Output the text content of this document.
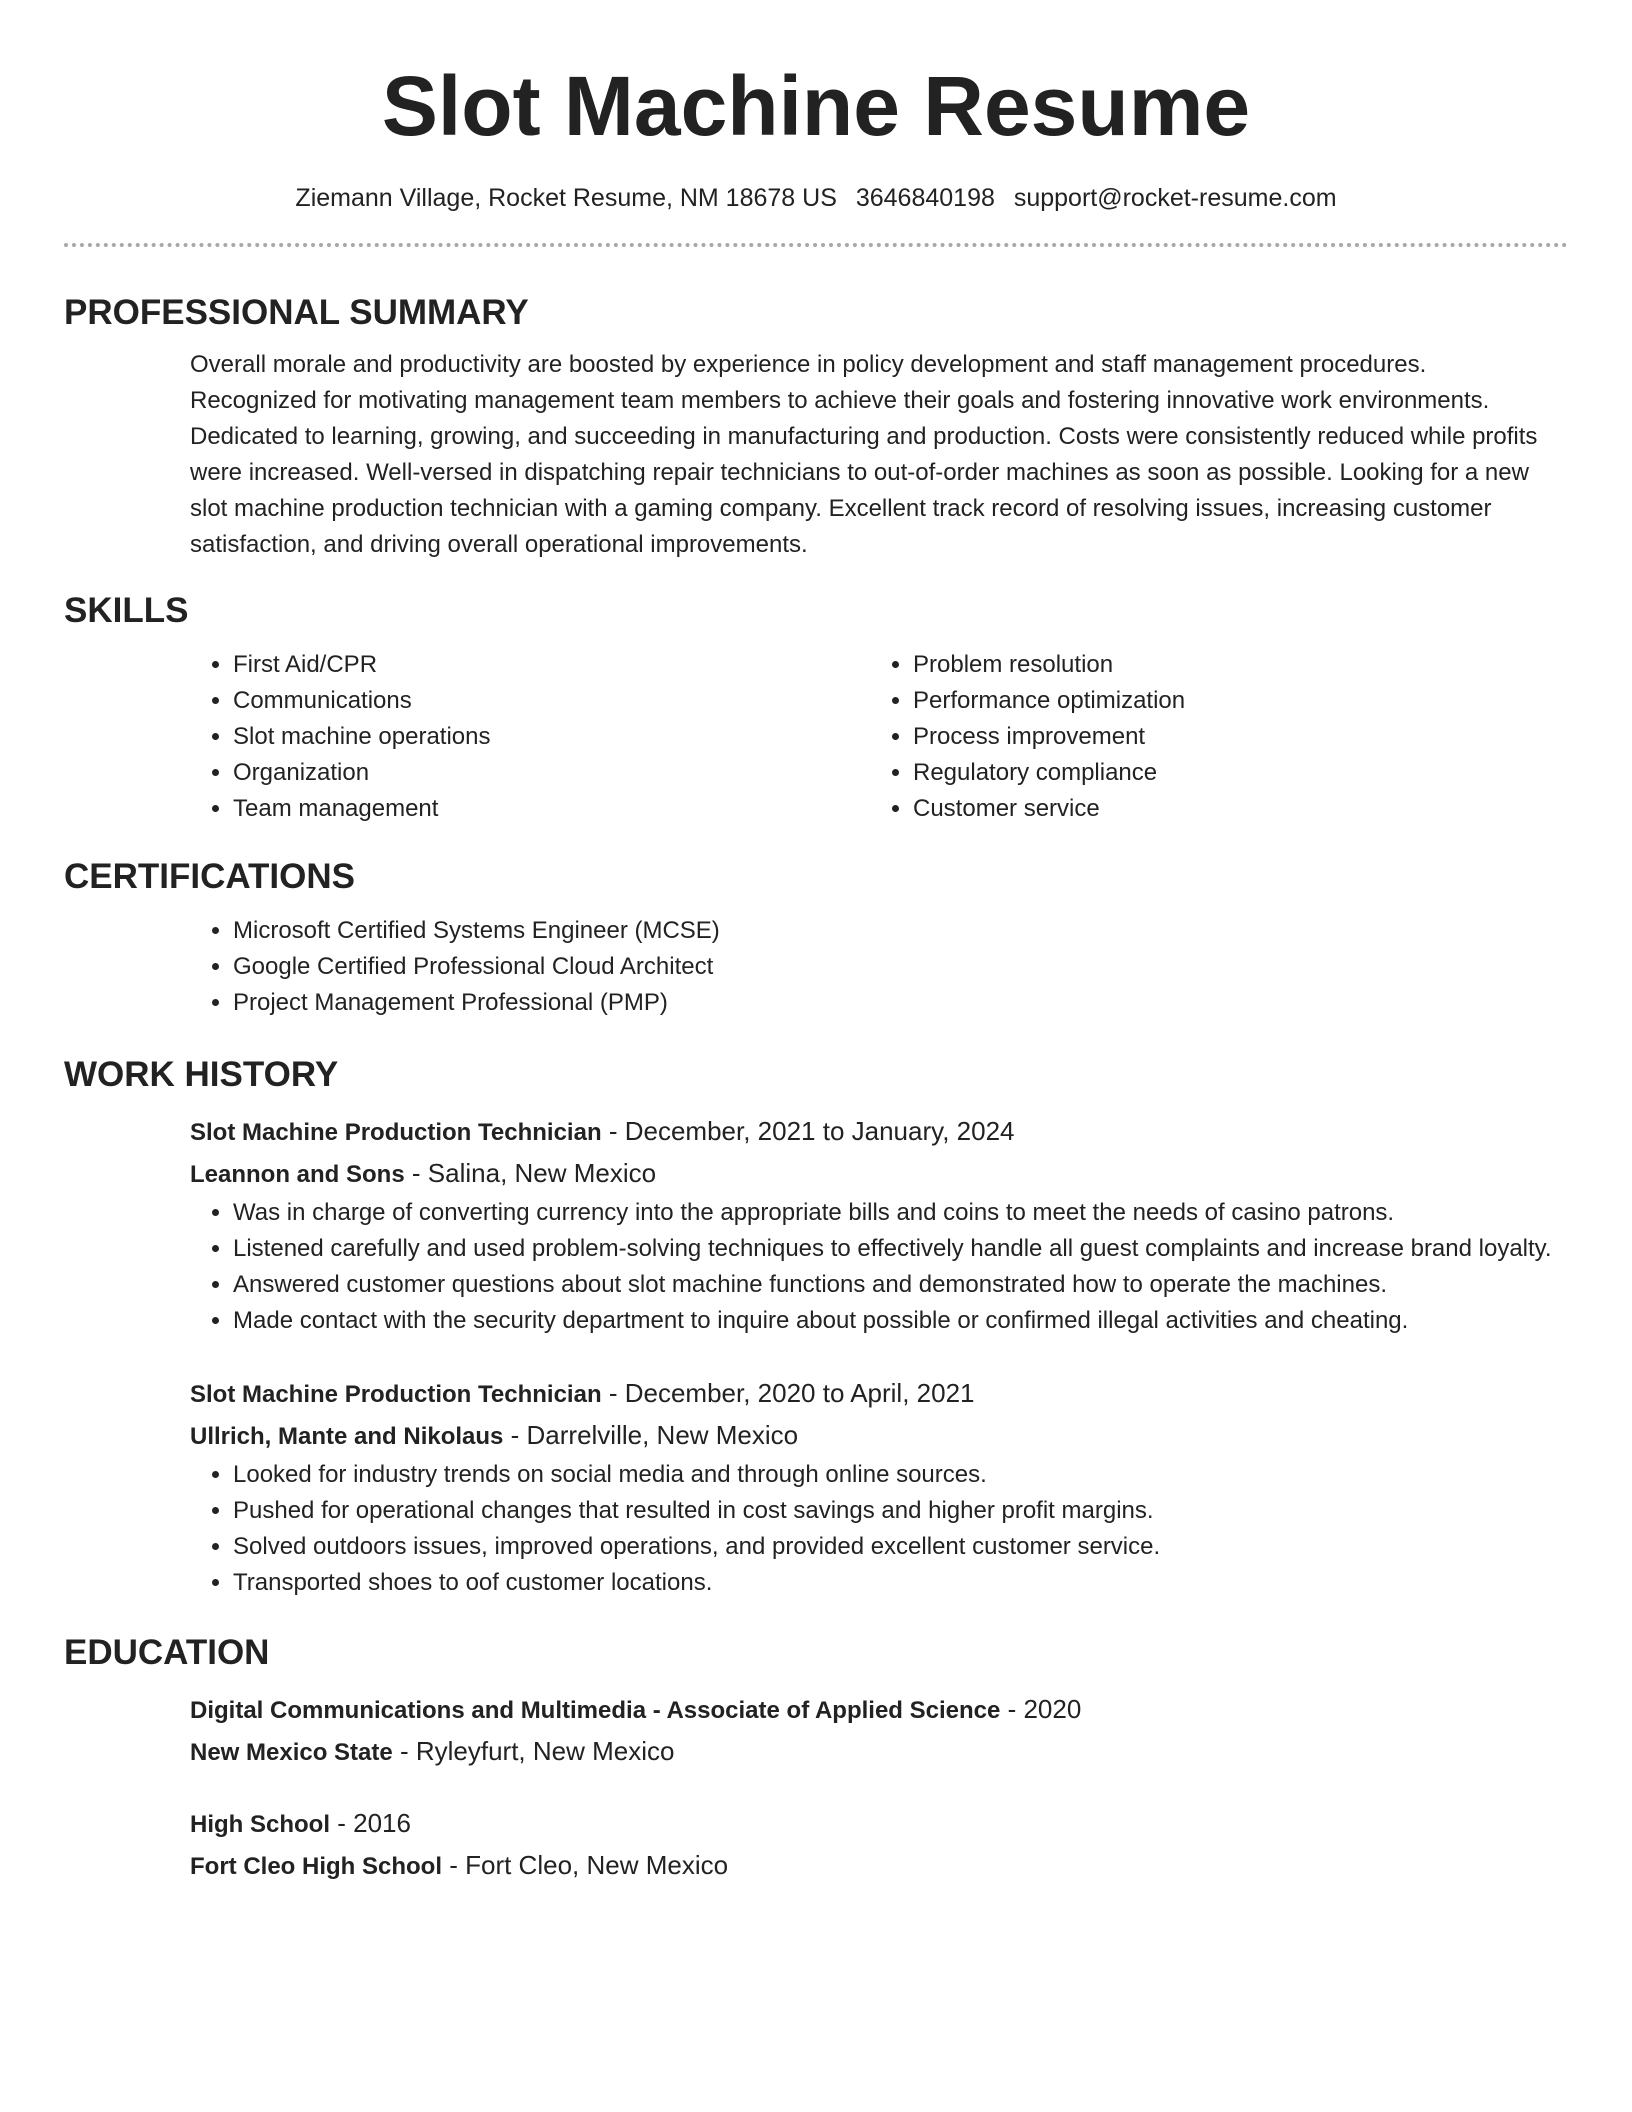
Slot Machine Resume
Ziemann Village, Rocket Resume, NM 18678 US 3646840198 support@rocket-resume.com
PROFESSIONAL SUMMARY
Overall morale and productivity are boosted by experience in policy development and staff management procedures. Recognized for motivating management team members to achieve their goals and fostering innovative work environments. Dedicated to learning, growing, and succeeding in manufacturing and production. Costs were consistently reduced while profits were increased. Well-versed in dispatching repair technicians to out-of-order machines as soon as possible. Looking for a new slot machine production technician with a gaming company. Excellent track record of resolving issues, increasing customer satisfaction, and driving overall operational improvements.
SKILLS
• First Aid/CPR
• Communications
• Slot machine operations
• Organization
• Team management
• Problem resolution
• Performance optimization
• Process improvement
• Regulatory compliance
• Customer service
CERTIFICATIONS
• Microsoft Certified Systems Engineer (MCSE)
• Google Certified Professional Cloud Architect
• Project Management Professional (PMP)
WORK HISTORY
Slot Machine Production Technician - December, 2021 to January, 2024
Leannon and Sons - Salina, New Mexico
• Was in charge of converting currency into the appropriate bills and coins to meet the needs of casino patrons.
• Listened carefully and used problem-solving techniques to effectively handle all guest complaints and increase brand loyalty.
• Answered customer questions about slot machine functions and demonstrated how to operate the machines.
• Made contact with the security department to inquire about possible or confirmed illegal activities and cheating.
Slot Machine Production Technician - December, 2020 to April, 2021
Ullrich, Mante and Nikolaus - Darrelville, New Mexico
• Looked for industry trends on social media and through online sources.
• Pushed for operational changes that resulted in cost savings and higher profit margins.
• Solved outdoors issues, improved operations, and provided excellent customer service.
• Transported shoes to oof customer locations.
EDUCATION
Digital Communications and Multimedia - Associate of Applied Science - 2020
New Mexico State - Ryleyfurt, New Mexico
High School - 2016
Fort Cleo High School - Fort Cleo, New Mexico
